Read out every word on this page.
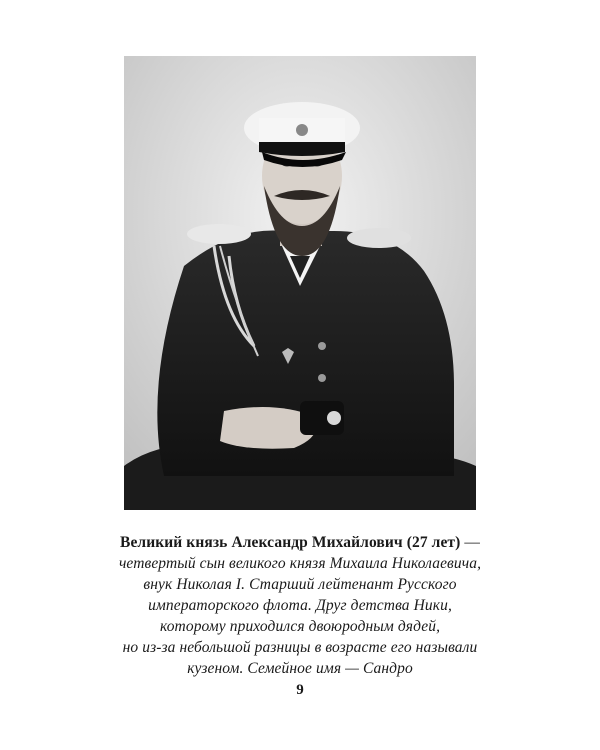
Великий князь Александр Михайлович (27 лет) —
четвертый сын великого князя Михаила Николаевича,
внук Николая I. Старший лейтенант Русского
императорского флота. Друг детства Ники,
которому приходился двоюродным дядей,
но из-за небольшой разницы в возрасте его называли
кузеном. Семейное имя — Сандро
9
